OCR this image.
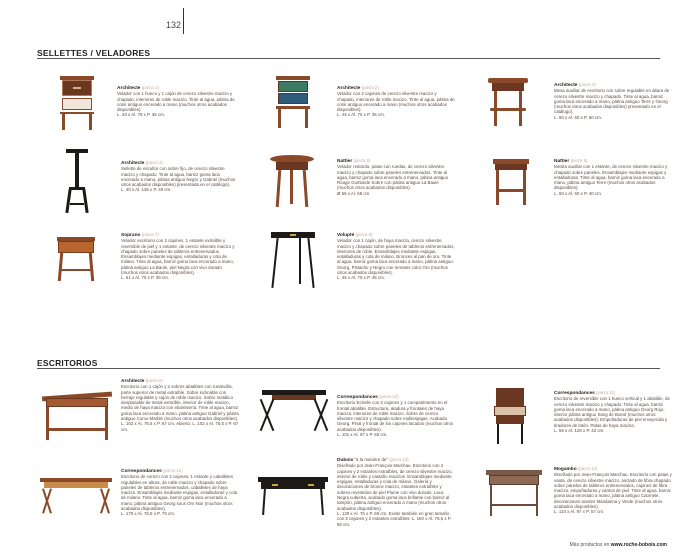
132
SELLETTES / VELADORES
Architecte (pieza 1)
Velador con 1 hueco y 1 cajón de cerezo silvestre macizo y chapado, interiores de roble macizo. Tinte al agua, pátina de color antiguo encerado a mano (muchos otros acabados disponibles).
L. 43 x Al. 76 x P. 35 cm.
Architecte (pieza 2)
Velador con 2 cajones de cerezo silvestre macizo y chapado, interiores de roble macizo. Tinte al agua, pátina de color antiguo encerado a mano (muchos otros acabados disponibles).
L. 45 x Al. 70 x P. 35 cm.
Architecte (pieza 3)
Mesa auxiliar de escritorio con sobre regulable en altura de cerezo silvestre macizo y chapado. Tinte al agua, barniz goma laca encerado a mano, pátina antiguo Terre y Georg (muchos otros acabados disponibles) presentado en el catálogo).
L. 60 x Al. 60 x P. 60 cm.
Architecte (pieza 4)
Sellette de escultor con sobre fijo, de cerezo silvestre macizo y chapado. Tinte al agua, barniz goma laca encerado a mano, pátina antiguo Negro y Gabriel (muchos otros acabados disponibles) presentada en el catálogo).
L. 40 x Al. 135 x P. 40 cm.
Nattier (pieza 5)
Velador redondo, patas con ruedas, de cerezo silvestre macizo y chapado sobre paneles entrenervados. Tinte al agua, barniz goma laca encerado a mano, pátina antiguo Rouge Guirlande Sobre con pátina antiguo La Baule (muchos otros acabados disponibles).
Ø 56 x Al. 68 cm.
Nattier (pieza 6)
Mesita auxiliar con 1 estante, de cerezo silvestre macizo y chapado sobre paneles. Ensamblajes mediante espigas y entalladuras. Tinte al agua, barniz goma laca encerado a mano, pátina antiguo Terre (muchos otros acabados disponibles).
L. 60 x Al. 60 x P. 40 cm.
Soprano (pieza 7)
Velador escritorio con 2 cajones, 1 estante extraíble y reversible de piel y 1 estante, de cerezo silvestre macizo y chapado sobre paneles de tableros entrenervados. Ensamblajes mediante espigas, entalladuras y cola de milano. Tinte al agua, barniz goma laca encerado a mano, pátina antiguo La Baule, piel Negra con vivo dorado (muchos otros acabados disponibles).
L. 61 x Al. 70 x P. 39 cm.
Volupté (pieza 8)
Velador con 1 cajón, de haya maciza, cerezo silvestre macizo y chapado sobre paneles de tableros entrenervados, interiores de roble. Ensamblajes mediante espigas, entalladuras y cola de milano. Bronces al pan de oro. Tinte al agua, barniz goma laca encerado a mano, pátina antiguo Georg, Pistacho y Negro con remates color Oro (muchos otros acabados disponibles).
L. 45 x Al. 70 x P. 45 cm.
ESCRITORIOS
Architecte (pieza 9)
Escritorio con 1 cajón y 2 sobres abatibles con ruedecilla, parte superior de metal extraíble. Sobre inclinable con herraje regulable y cajón de roble macizo. Sobre metálico desplazable de metal extraíble, interior de roble macizo, medio de haya maciza con ebanistería. Tinte al agua, barniz goma laca encerado a mano, pátina antiguo Gabriel y pátina antiguo Como Marble (muchos otros acabados disponibles).
L. 102 x Al. 76,5 x P. 67 cm. Abierto: L. 102 x Al. 76,5 x P. 67 cm.
Correspondances (pieza 10)
Escritorio Echelle con 2 cajones y 1 compartimento en el frontal abatible. Estructura, atadura y frontales de haya maciza, interiores de roble macizo. Sobre de cerezo silvestre macizo y chapado sobre multiespigas. Acabado Georg, Pinal y frontal de los cajones tacados (muchos otros acabados disponibles).
L. 101 x Al. 67 x P. 60 cm.
Correspondances (pieza 11)
Escritorio de reversible con 1 hueco vertical y 1 abatible, de cerezo silvestre macizo y chapado. Tinte al agua, barniz goma laca encerado a mano, pátina antiguo Georg Rojo, interior pátina antiguo Sang de Boeuf (muchos otros acabados disponibles). Empuñaduras de piel envejecida y tiradores de latón. Patas de haya maciza.
L. 59 x Al. 120 x P. 42 cm.
Correspondances (pieza 12)
Escritorio de cerezo con 2 cajones, 1 estante y caballetes regulables en altura, de roble macizo y chapado sobre paneles de tableros entrenervados, caballetes de haya maciza. Ensamblajes mediante espigas, entalladuras y cola de milano. Tinte al agua, barniz goma laca encerado a mano, pátina antiguo Georg sous Ors Noir (muchos otros acabados disponibles).
L. 170 x Al. 76,5 x P. 75 cm.
Dubois "à la manière de" (pieza 13)
Diseñado por Jean-François Marchau. Escritorio con 2 cajones y 2 estantes extraíbles, de cerezo silvestre macizo, interior de roble y castaño macizos. Ensamblajes mediante espigas, entalladuras y cola de milano. Galería y decoraciones de bronce macizo, estantes extraíbles y sobres revestidos de piel Plume con vivo dorado. Laca Negra cubierta, acabado goma laca brillante con barniz al tampón, pátina antiguo encerado a mano (muchos otros acabados disponibles).
L. 129 x Al. 76 x P. 69 cm. Existe también en gran tamaño con 3 cajones y 2 estantes extraíbles: L. 160 x Al. 76,5 x P. 80 cm.
Mogambo (pieza 14)
Diseñado por Jean-François Marchau. Escritorio con patas y vanta, de cerezo silvestre macizo, anclado de fibra chapado sobre paneles de tableros entrenervados, cajones de fibra maciza, empuñaduras y cantos de piel. Tinte al agua, barniz goma laca encerado a mano, pátina antiguo Caomele, decoraciones aceites Mandarina y Verde (muchos otros acabados disponibles).
L. 110 x Al. 97 x P. 57 cm.
Más productos en www.roche-bobois.com
